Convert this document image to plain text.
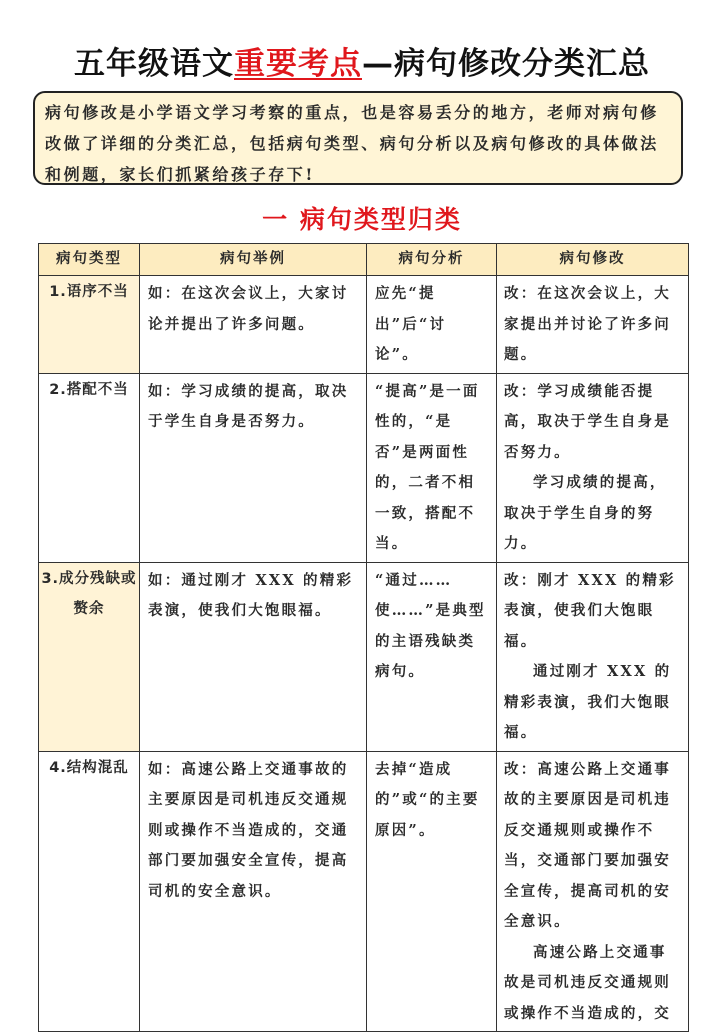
五年级语文重要考点—病句修改分类汇总
病句修改是小学语文学习考察的重点，也是容易丢分的地方，老师对病句修改做了详细的分类汇总，包括病句类型、病句分析以及病句修改的具体做法和例题，家长们抓紧给孩子存下!
一 病句类型归类
病句类型	病句举例	病句分析	病句修改
1.语序不当	如：在这次会议上，大家讨论并提出了许多问题。	应先“提出”后“讨论”。	改：在这次会议上，大家提出并讨论了许多问题。
2.搭配不当	如：学习成绩的提高，取决于学生自身是否努力。	“提高”是一面性的，“是否”是两面性的，二者不相一致，搭配不当。	改：学习成绩能否提高，取决于学生自身是否努力。
学习成绩的提高，取决于学生自身的努力。

3.成分残缺或赘余	如：通过刚才 XXX 的精彩表演，使我们大饱眼福。	“通过……使……”是典型的主语残缺类病句。	改：刚才 XXX 的精彩表演，使我们大饱眼福。
通过刚才 XXX 的精彩表演，我们大饱眼福。

4.结构混乱	如：高速公路上交通事故的主要原因是司机违反交通规则或操作不当造成的，交通部门要加强安全宣传，提高司机的安全意识。	去掉“造成的”或“的主要原因”。	改：高速公路上交通事故的主要原因是司机违反交通规则或操作不当，交通部门要加强安全宣传，提高司机的安全意识。
高速公路上交通事故是司机违反交通规则或操作不当造成的，交
